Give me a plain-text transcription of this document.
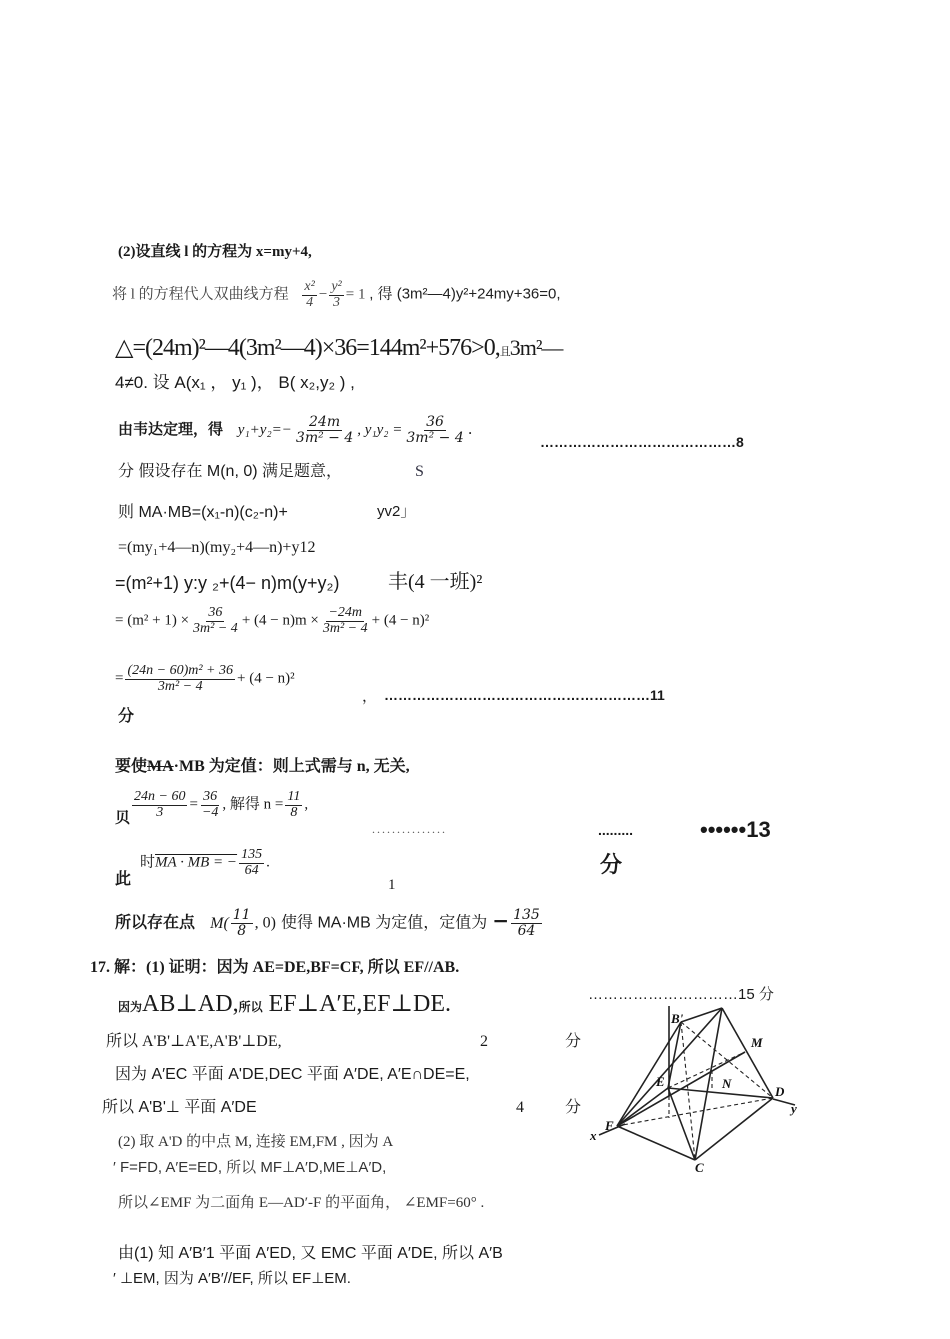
(2)设直线 l 的方程为 x=my+4,
将 l 的方程代人双曲线方程 $\frac{\text{x²}}{4} - \frac{\text{y²}}{3} = 1$ , 得 (3m²—4)y²+24my+36=0,
△=(24m)²—4(3m²—4)×36=144m²+576>0,且3m²—
4≠0. 设 A(x₁ ， y₁ )， B( x₂,y₂ ) ,
由韦达定理，得 $y_1+y_2=- \frac{24m}{\text{3m² − 4}}$ , $y_1y_2 = \frac{36}{\text{3m² − 4}}$ .
……………………………………8
分 假设存在 M(n, 0) 满足题意，	S
则 MA·MB=(x₁-n)(c₂-n)+	yv2」
=(my₁+4—n)(my₂+4—n)+y12
=(m²+1) y:y ₂+(4− n)m(y+y₂) 丰(4 一班)²
= $(m^2 + 1) \times \frac{36}{\text{3m² − 4}} + (4 - n)m \times \frac{-24m}{\text{3m² − 4}} + (4 - n)^2$
= $\frac{\text{(24n − 60)m² + 36}}{\text{3m² − 4}} + (4 - n)^2$
， …………………………………………………11
分
要使MA·MB 为定值：则上式需与 n, 无关,
贝 $\frac{24n - 60}{3} = \frac{36}{-4}$ , 解得 $n = \frac{11}{8}$ ,
...............	.........	••••••13
此
时MA · MB = − $\frac{135}{64}$ .
1
分
所以存在点 $M( \frac{11}{8}$ , 0) 使得 MA·MB 为定值，定值为 − $\frac{135}{64}$
17. 解：(1) 证明：因为 AE=DE,BF=CF, 所以 EF//AB.
因为AB⊥AD,所以 EF⊥A′E,EF⊥DE.	…………………………15 分
所以 A'B'⊥A'E,A'B'⊥DE,	2	分
因为 A′EC 平面 A'DE,DEC 平面 A′DE, A′E∩DE=E,
所以 A'B'⊥ 平面 A′DE	4	分
(2) 取 A'D 的中点 M, 连接 EM,FM , 因为 A
′ F=FD, A′E=ED, 所以 MF⊥A′D,ME⊥A′D,
所以∠EMF 为二面角 E—AD′-F 的平面角， ∠EMF=60° .
由(1) 知 A′B′1 平面 A′ED, 又 EMC 平面 A′DE, 所以 A′B
′ ⊥EM, 因为 A′B′//EF, 所以 EF⊥EM.
B'
M
E	N
D
F
C
x
y
